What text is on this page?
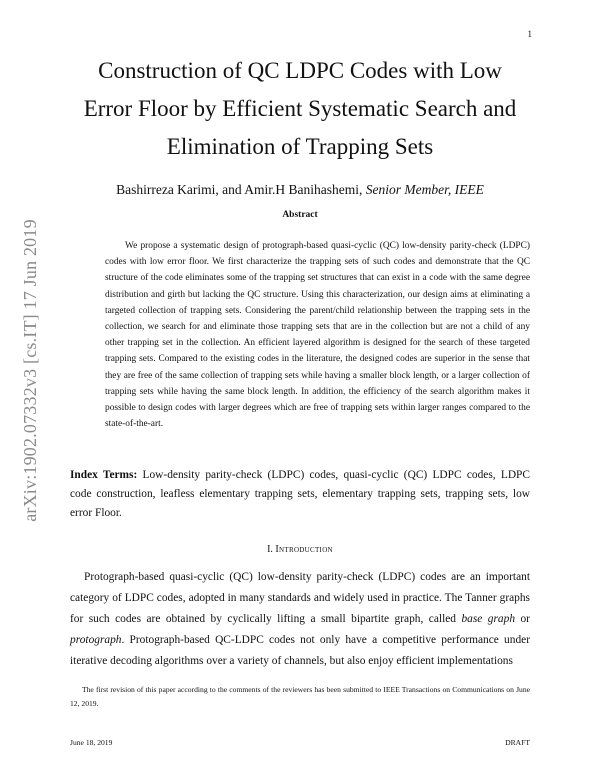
1
arXiv:1902.07332v3 [cs.IT] 17 Jun 2019
Construction of QC LDPC Codes with Low
Error Floor by Efficient Systematic Search and
Elimination of Trapping Sets
Bashirreza Karimi, and Amir.H Banihashemi, Senior Member, IEEE
Abstract
We propose a systematic design of protograph-based quasi-cyclic (QC) low-density parity-check (LDPC) codes with low error floor. We first characterize the trapping sets of such codes and demonstrate that the QC structure of the code eliminates some of the trapping set structures that can exist in a code with the same degree distribution and girth but lacking the QC structure. Using this characterization, our design aims at eliminating a targeted collection of trapping sets. Considering the parent/child relationship between the trapping sets in the collection, we search for and eliminate those trapping sets that are in the collection but are not a child of any other trapping set in the collection. An efficient layered algorithm is designed for the search of these targeted trapping sets. Compared to the existing codes in the literature, the designed codes are superior in the sense that they are free of the same collection of trapping sets while having a smaller block length, or a larger collection of trapping sets while having the same block length. In addition, the efficiency of the search algorithm makes it possible to design codes with larger degrees which are free of trapping sets within larger ranges compared to the state-of-the-art.
Index Terms: Low-density parity-check (LDPC) codes, quasi-cyclic (QC) LDPC codes, LDPC code construction, leafless elementary trapping sets, elementary trapping sets, trapping sets, low error Floor.
I. Introduction
Protograph-based quasi-cyclic (QC) low-density parity-check (LDPC) codes are an important category of LDPC codes, adopted in many standards and widely used in practice. The Tanner graphs for such codes are obtained by cyclically lifting a small bipartite graph, called base graph or protograph. Protograph-based QC-LDPC codes not only have a competitive performance under iterative decoding algorithms over a variety of channels, but also enjoy efficient implementations
The first revision of this paper according to the comments of the reviewers has been submitted to IEEE Transactions on Communications on June 12, 2019.
June 18, 2019	DRAFT
